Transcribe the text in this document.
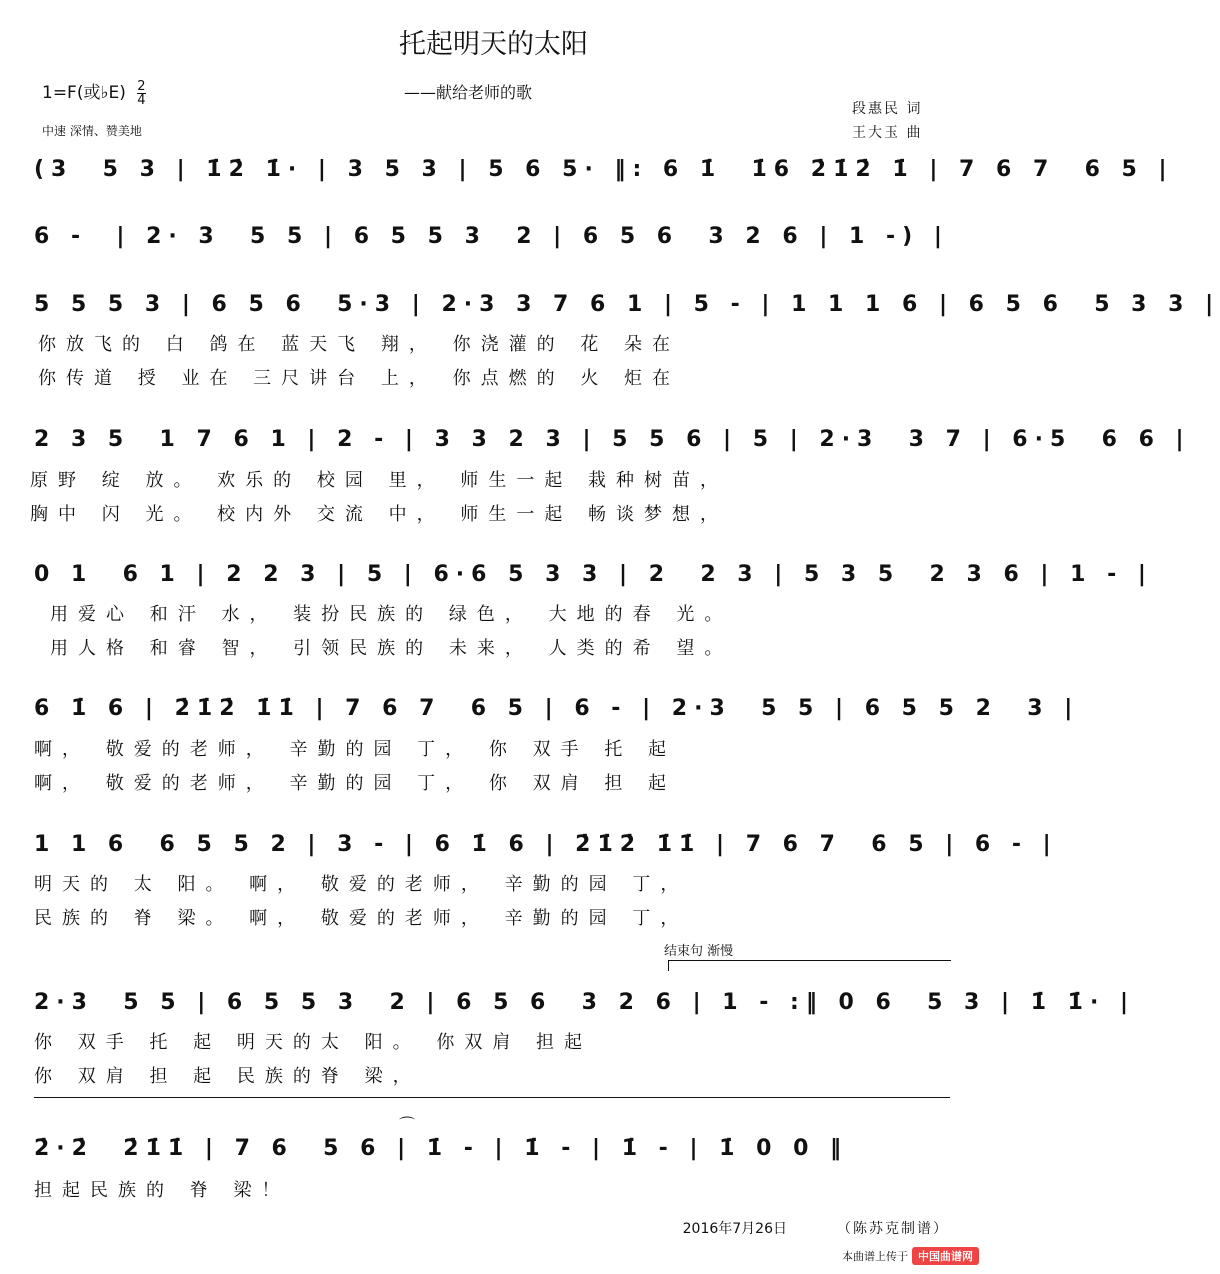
托起明天的太阳
——献给老师的歌
1=F(或♭E) $\frac{2}{4}$
中速 深情、赞美地
段惠民 词
王大玉 曲
(3  5 3 | 1̇2̇ 1̇· | 3 5 3 | 5 6 5· ‖: 6 1̇  1̇6 2̇1̇2̇ 1̇ | 7 6 7  6 5 |
6 -  | 2· 3  5 5 | 6 5 5 3  2 | 6 5 6  3 2 6 | 1 -) |
5 5 5 3 | 6 5 6  5·3 | 2·3 3 7 6 1 | 5 - | 1 1 1 6 | 6 5 6  5 3 3 |
你放飞的 白 鸽在 蓝天飞 翔， 你浇灌的 花 朵在
你传道 授 业在 三尺讲台 上， 你点燃的 火 炬在
2 3 5  1 7 6 1 | 2 - | 3 3 2 3 | 5 5 6 | 5 | 2·3  3 7 | 6·5  6 6 |
原野 绽 放。 欢乐的 校园 里， 师生一起 栽种树苗，
胸中 闪 光。 校内外 交流 中， 师生一起 畅谈梦想，
0 1  6 1 | 2 2 3 | 5 | 6·6 5 3 3 | 2  2 3 | 5 3 5  2 3 6 | 1 - |
用爱心 和汗 水， 装扮民族的 绿色， 大地的春 光。
用人格 和睿 智， 引领民族的 未来， 人类的希 望。
6 1̇ 6 | 2̇1̇2̇ 1̇1̇ | 7 6 7  6 5 | 6 - | 2·3  5 5 | 6 5 5 2  3 |
啊， 敬爱的老师， 辛勤的园 丁， 你 双手 托 起
啊， 敬爱的老师， 辛勤的园 丁， 你 双肩 担 起
1 1 6  6 5 5 2 | 3 - | 6 1̇ 6 | 2̇1̇2̇ 1̇1̇ | 7 6 7  6 5 | 6 - |
明天的 太 阳。 啊， 敬爱的老师， 辛勤的园 丁，
民族的 脊 梁。 啊， 敬爱的老师， 辛勤的园 丁，
结束句 渐慢
2·3  5 5 | 6 5 5 3  2 | 6 5 6  3 2 6 | 1 - :‖ 0 6  5 3 | 1̇ 1̇· |
你 双手 托 起 明天的太 阳。 你双肩 担起
你 双肩 担 起 民族的脊 梁，
⌒
2̇·2̇  2̇1̇1̇ | 7 6  5 6 | 1̇ - | 1̇ - | 1̇ - | 1̇ 0 0 ‖
担起民族的 脊 梁！
2016年7月26日	（陈苏克制谱）
本曲谱上传于 中国曲谱网
